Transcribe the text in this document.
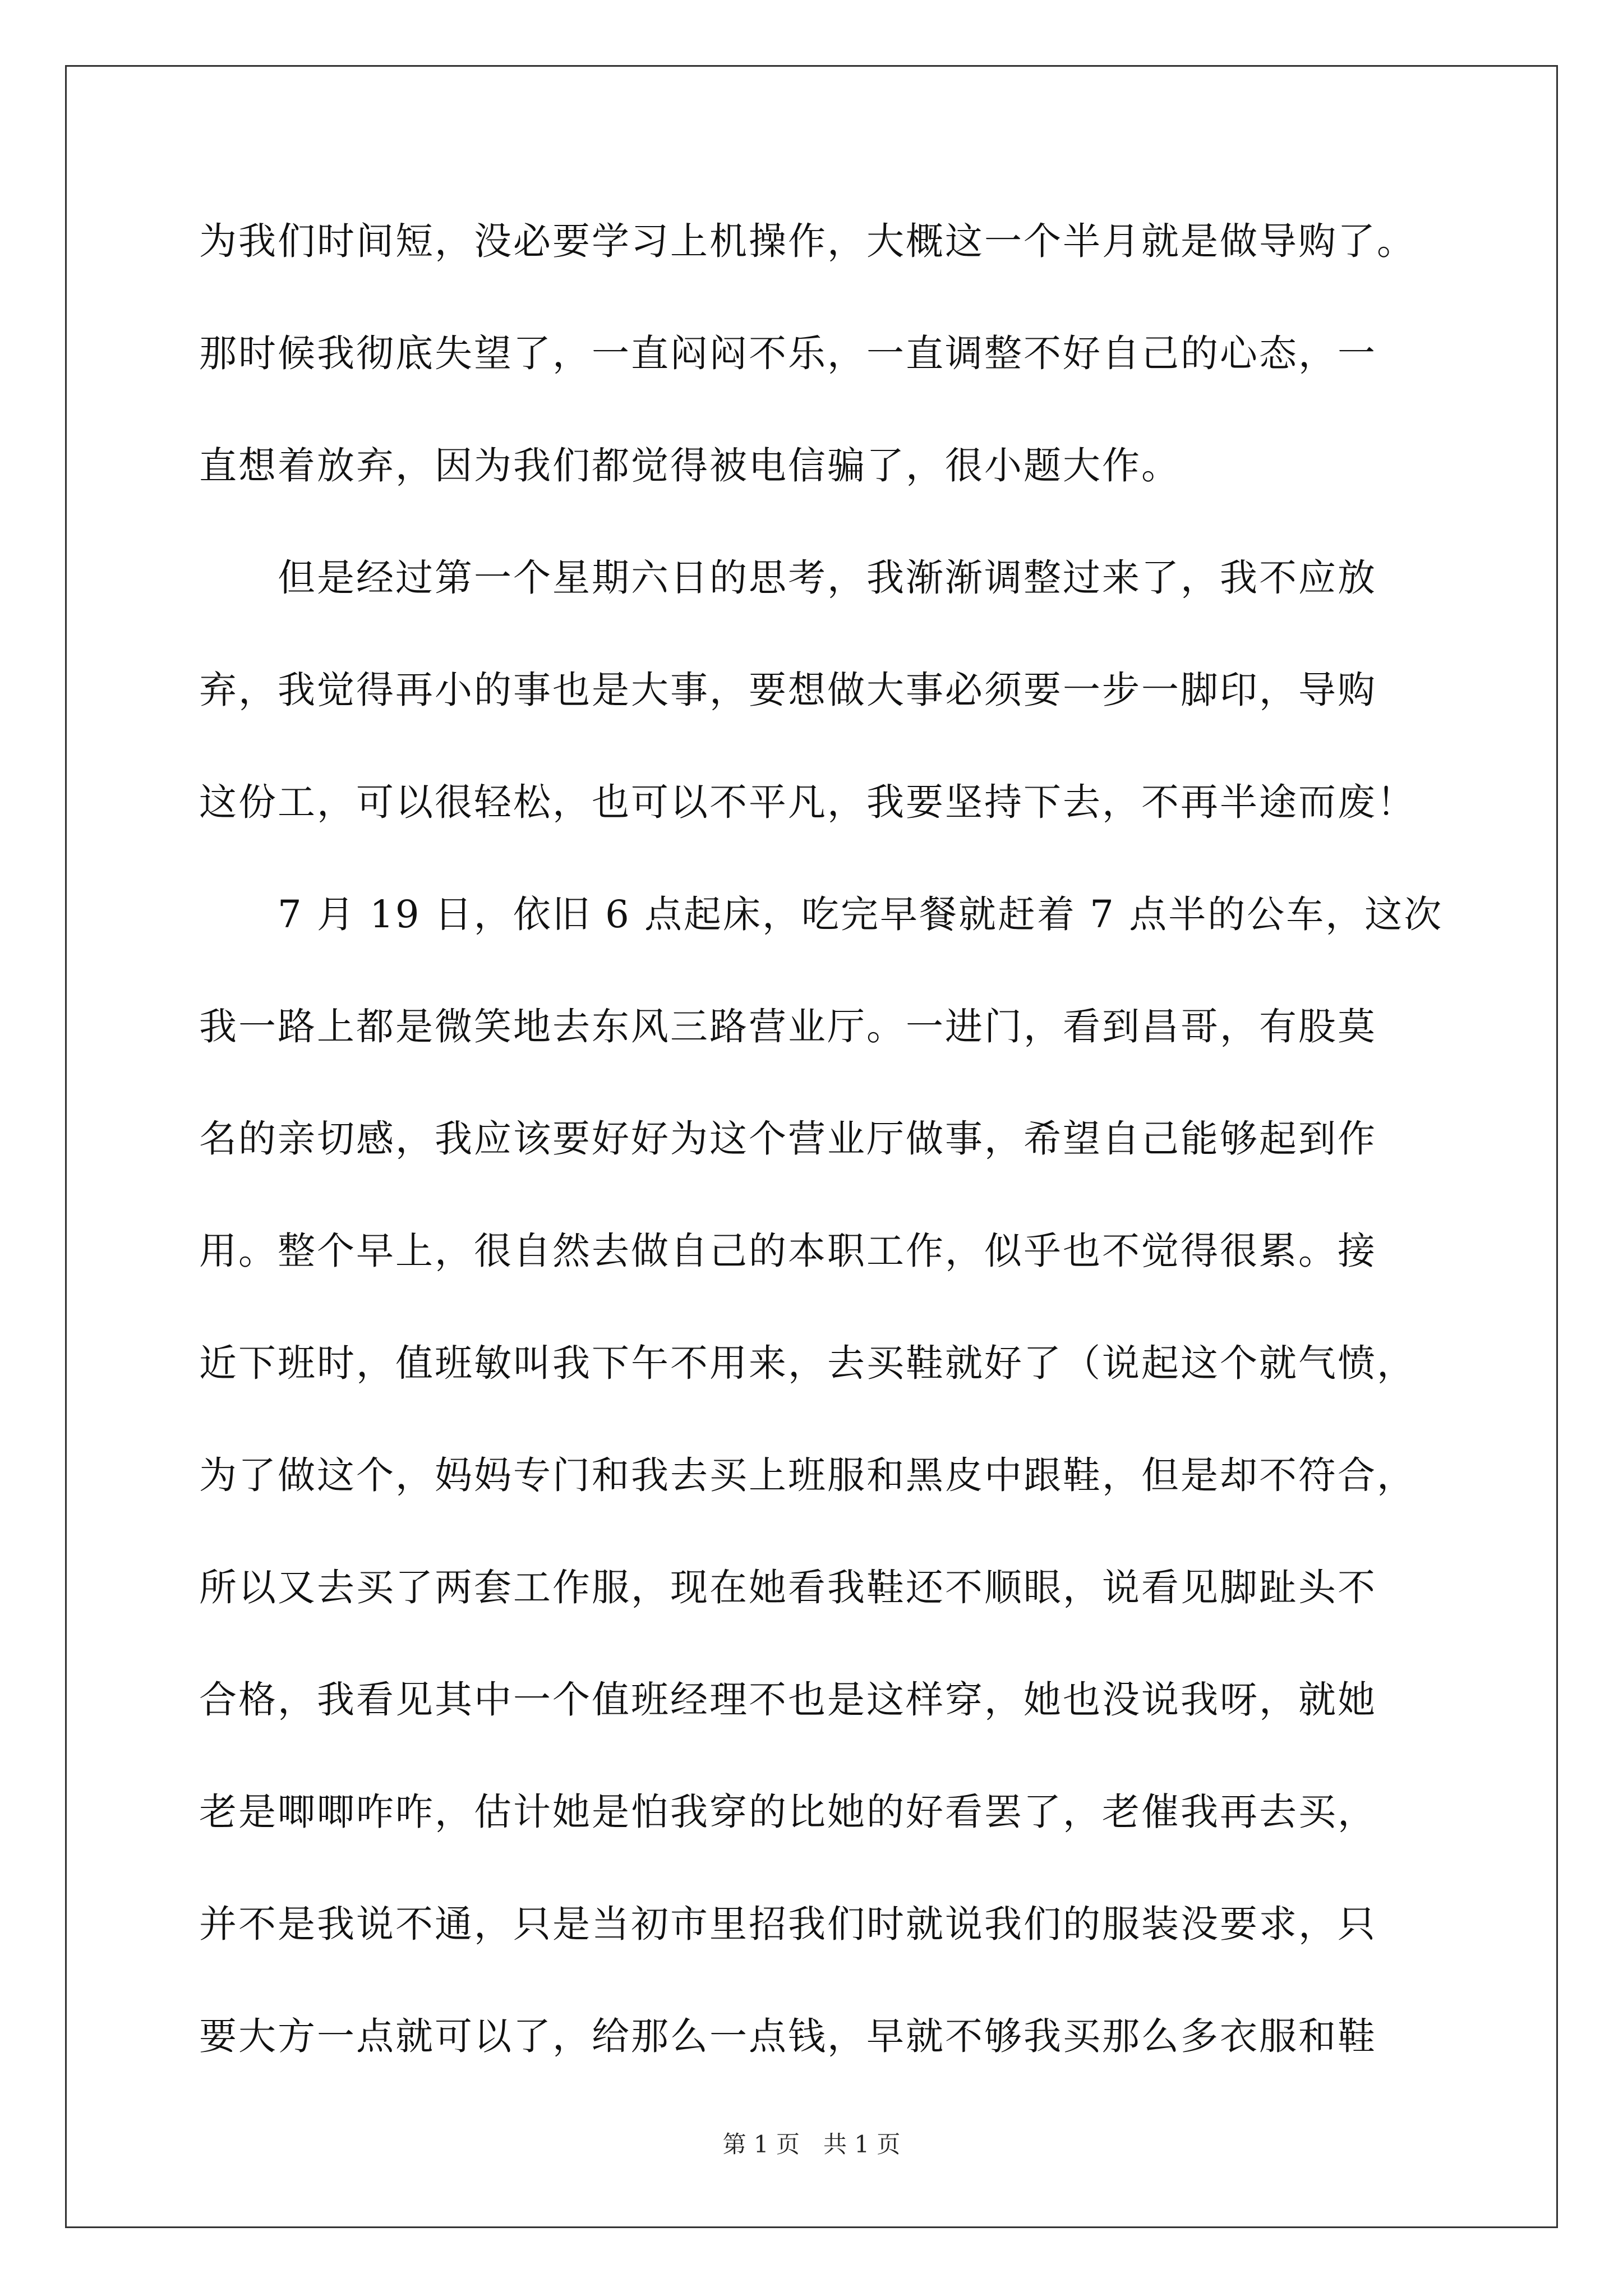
为我们时间短，没必要学习上机操作，大概这一个半月就是做导购了。
那时候我彻底失望了，一直闷闷不乐，一直调整不好自己的心态，一
直想着放弃，因为我们都觉得被电信骗了，很小题大作。
　　但是经过第一个星期六日的思考，我渐渐调整过来了，我不应放
弃，我觉得再小的事也是大事，要想做大事必须要一步一脚印，导购
这份工，可以很轻松，也可以不平凡，我要坚持下去，不再半途而废！
　　7 月 19 日，依旧 6 点起床，吃完早餐就赶着 7 点半的公车，这次
我一路上都是微笑地去东风三路营业厅。一进门，看到昌哥，有股莫
名的亲切感，我应该要好好为这个营业厅做事，希望自己能够起到作
用。整个早上，很自然去做自己的本职工作，似乎也不觉得很累。接
近下班时，值班敏叫我下午不用来，去买鞋就好了（说起这个就气愤，
为了做这个，妈妈专门和我去买上班服和黑皮中跟鞋，但是却不符合，
所以又去买了两套工作服，现在她看我鞋还不顺眼，说看见脚趾头不
合格，我看见其中一个值班经理不也是这样穿，她也没说我呀，就她
老是唧唧咋咋，估计她是怕我穿的比她的好看罢了，老催我再去买，
并不是我说不通，只是当初市里招我们时就说我们的服装没要求，只
要大方一点就可以了，给那么一点钱，早就不够我买那么多衣服和鞋
第 1 页　共 1 页
